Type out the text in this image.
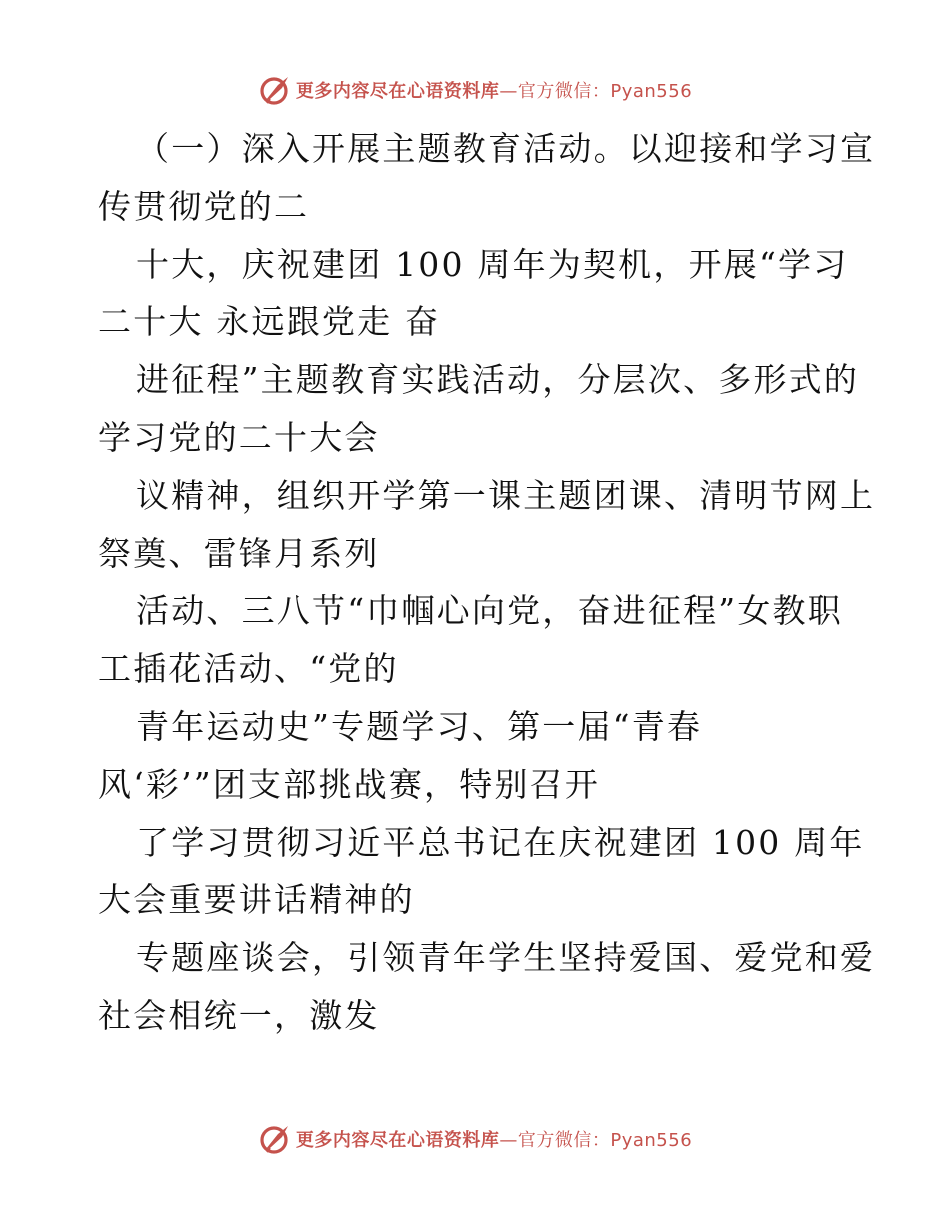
更多内容尽在心语资料库—官方微信：Pyan556
（一）深入开展主题教育活动。以迎接和学习宣
传贯彻党的二
十大，庆祝建团 100 周年为契机，开展“学习
二十大 永远跟党走 奋
进征程”主题教育实践活动，分层次、多形式的
学习党的二十大会
议精神，组织开学第一课主题团课、清明节网上
祭奠、雷锋月系列
活动、三八节“巾帼心向党，奋进征程”女教职
工插花活动、“党的
青年运动史”专题学习、第一届“青春
风‘彩’”团支部挑战赛，特别召开
了学习贯彻习近平总书记在庆祝建团 100 周年
大会重要讲话精神的
专题座谈会，引领青年学生坚持爱国、爱党和爱
社会相统一，激发
更多内容尽在心语资料库—官方微信：Pyan556
